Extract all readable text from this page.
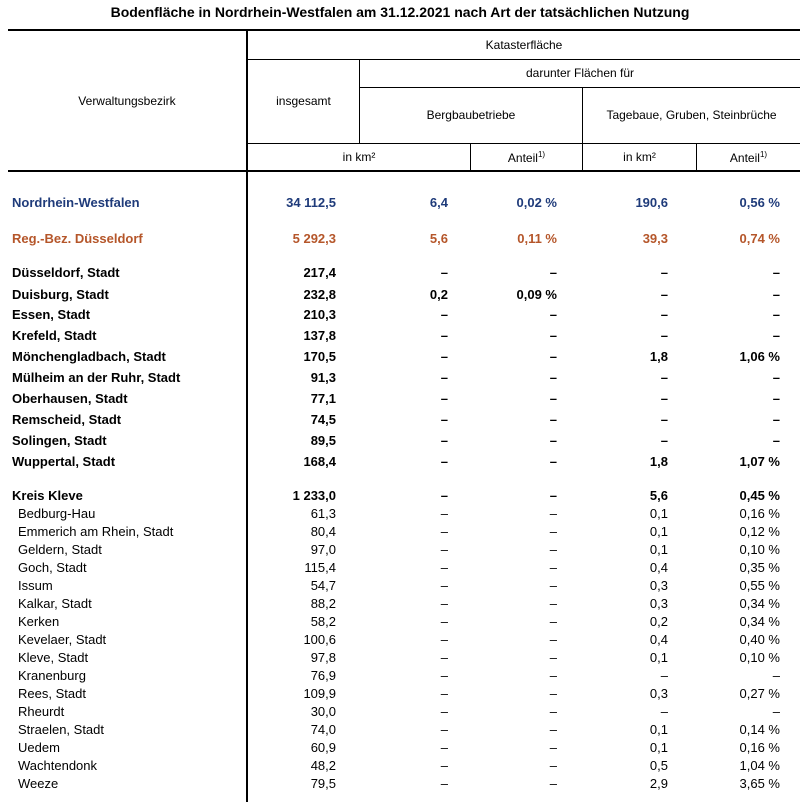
Bodenfläche in Nordrhein-Westfalen am 31.12.2021 nach Art der tatsächlichen Nutzung
Verwaltungsbezirk
Katasterfläche
insgesamt
darunter Flächen für
Bergbaubetriebe	Tagebaue, Gruben, Steinbrüche
in km²	Anteil$^{1)}$	in km²	Anteil$^{1)}$
Nordrhein-Westfalen	34 112,5	6,4	0,02 %	190,6	0,56 %
Reg.-Bez. Düsseldorf	5 292,3	5,6	0,11 %	39,3	0,74 %
Düsseldorf, Stadt	217,4	–	–	–	–
Duisburg, Stadt	232,8	0,2	0,09 %	–	–
Essen, Stadt	210,3	–	–	–	–
Krefeld, Stadt	137,8	–	–	–	–
Mönchengladbach, Stadt	170,5	–	–	1,8	1,06 %
Mülheim an der Ruhr, Stadt	91,3	–	–	–	–
Oberhausen, Stadt	77,1	–	–	–	–
Remscheid, Stadt	74,5	–	–	–	–
Solingen, Stadt	89,5	–	–	–	–
Wuppertal, Stadt	168,4	–	–	1,8	1,07 %
Kreis Kleve	1 233,0	–	–	5,6	0,45 %
Bedburg-Hau	61,3	–	–	0,1	0,16 %
Emmerich am Rhein, Stadt	80,4	–	–	0,1	0,12 %
Geldern, Stadt	97,0	–	–	0,1	0,10 %
Goch, Stadt	115,4	–	–	0,4	0,35 %
Issum	54,7	–	–	0,3	0,55 %
Kalkar, Stadt	88,2	–	–	0,3	0,34 %
Kerken	58,2	–	–	0,2	0,34 %
Kevelaer, Stadt	100,6	–	–	0,4	0,40 %
Kleve, Stadt	97,8	–	–	0,1	0,10 %
Kranenburg	76,9	–	–	–	–
Rees, Stadt	109,9	–	–	0,3	0,27 %
Rheurdt	30,0	–	–	–	–
Straelen, Stadt	74,0	–	–	0,1	0,14 %
Uedem	60,9	–	–	0,1	0,16 %
Wachtendonk	48,2	–	–	0,5	1,04 %
Weeze	79,5	–	–	2,9	3,65 %
